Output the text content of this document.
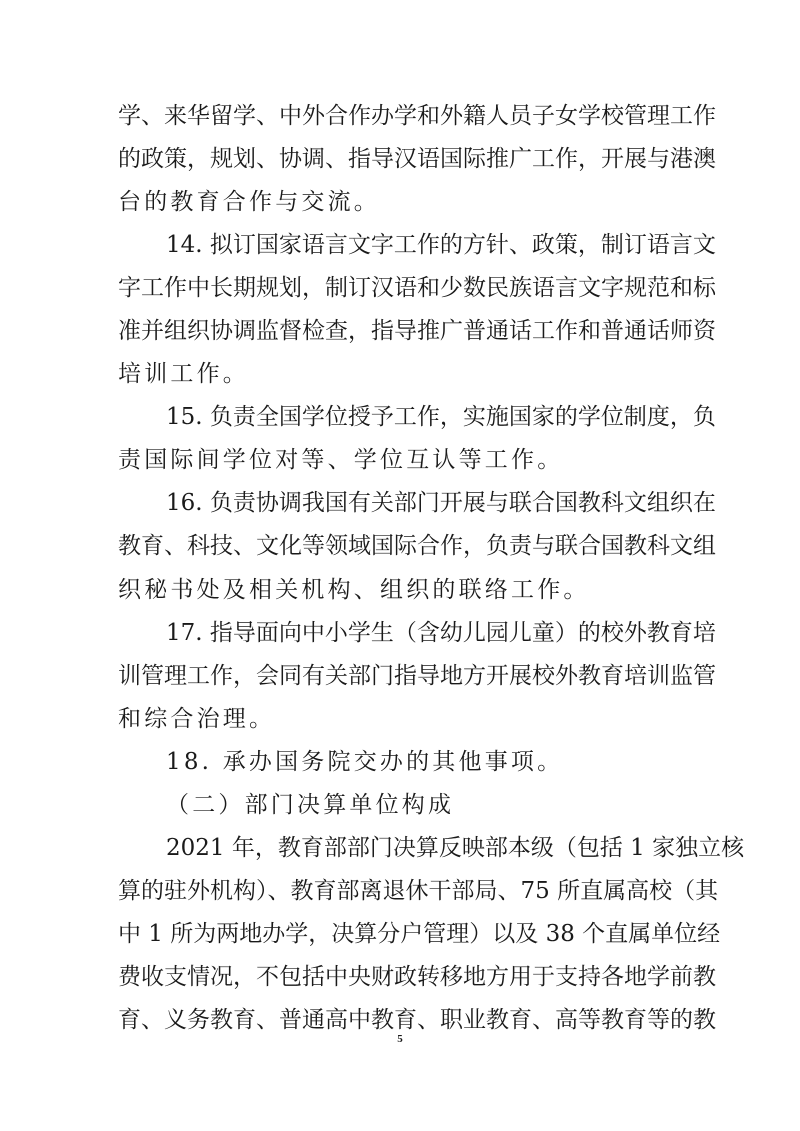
学、来华留学、中外合作办学和外籍人员子女学校管理工作
的政策，规划、协调、指导汉语国际推广工作，开展与港澳
台的教育合作与交流。
14. 拟订国家语言文字工作的方针、政策，制订语言文
字工作中长期规划，制订汉语和少数民族语言文字规范和标
准并组织协调监督检查，指导推广普通话工作和普通话师资
培训工作。
15. 负责全国学位授予工作，实施国家的学位制度，负
责国际间学位对等、学位互认等工作。
16. 负责协调我国有关部门开展与联合国教科文组织在
教育、科技、文化等领域国际合作，负责与联合国教科文组
织秘书处及相关机构、组织的联络工作。
17. 指导面向中小学生（含幼儿园儿童）的校外教育培
训管理工作，会同有关部门指导地方开展校外教育培训监管
和综合治理。
18. 承办国务院交办的其他事项。
（二）部门决算单位构成
2021 年，教育部部门决算反映部本级（包括 1 家独立核
算的驻外机构）、教育部离退休干部局、75 所直属高校（其
中 1 所为两地办学，决算分户管理）以及 38 个直属单位经
费收支情况，不包括中央财政转移地方用于支持各地学前教
育、义务教育、普通高中教育、职业教育、高等教育等的教
5
